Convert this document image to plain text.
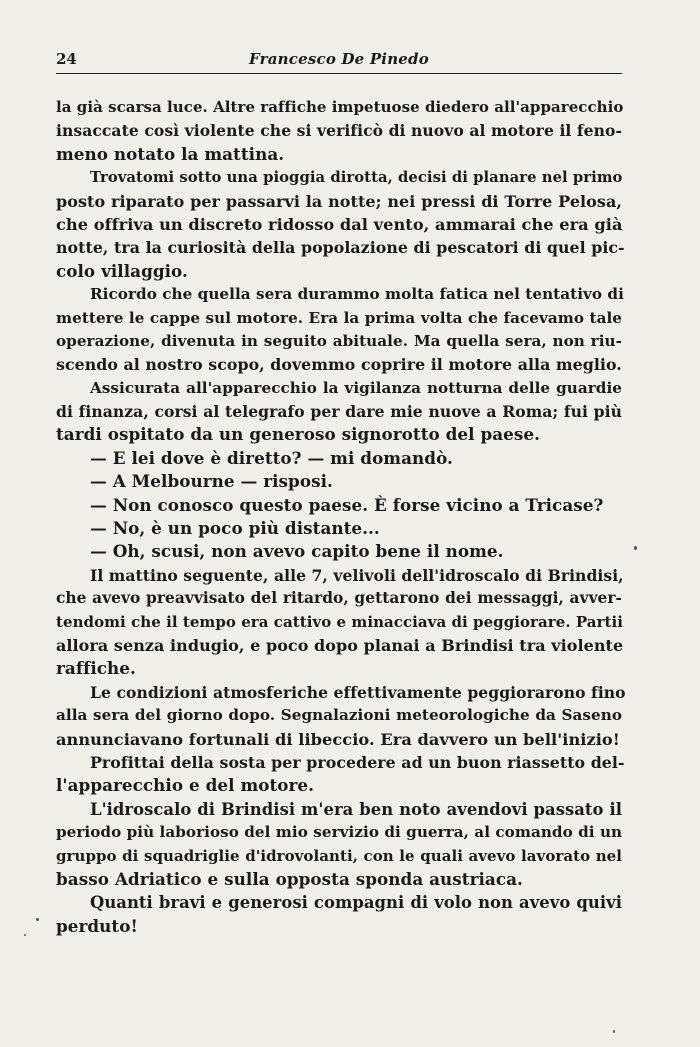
24	Francesco De Pinedo
la già scarsa luce. Altre raffiche impetuose diedero all'apparecchio
insaccate così violente che si verificò di nuovo al motore il feno-
meno notato la mattina.
Trovatomi sotto una pioggia dirotta, decisi di planare nel primo
posto riparato per passarvi la notte; nei pressi di Torre Pelosa,
che offriva un discreto ridosso dal vento, ammarai che era già
notte, tra la curiosità della popolazione di pescatori di quel pic-
colo villaggio.
Ricordo che quella sera durammo molta fatica nel tentativo di
mettere le cappe sul motore. Era la prima volta che facevamo tale
operazione, divenuta in seguito abituale. Ma quella sera, non riu-
scendo al nostro scopo, dovemmo coprire il motore alla meglio.
Assicurata all'apparecchio la vigilanza notturna delle guardie
di finanza, corsi al telegrafo per dare mie nuove a Roma; fui più
tardi ospitato da un generoso signorotto del paese.
— E lei dove è diretto? — mi domandò.
— A Melbourne — risposi.
— Non conosco questo paese. È forse vicino a Tricase?
— No, è un poco più distante...
— Oh, scusi, non avevo capito bene il nome.
Il mattino seguente, alle 7, velivoli dell'idroscalo di Brindisi,
che avevo preavvisato del ritardo, gettarono dei messaggi, avver-
tendomi che il tempo era cattivo e minacciava di peggiorare. Partii
allora senza indugio, e poco dopo planai a Brindisi tra violente
raffiche.
Le condizioni atmosferiche effettivamente peggiorarono fino
alla sera del giorno dopo. Segnalazioni meteorologiche da Saseno
annunciavano fortunali di libeccio. Era davvero un bell'inizio!
Profittai della sosta per procedere ad un buon riassetto del-
l'apparecchio e del motore.
L'idroscalo di Brindisi m'era ben noto avendovi passato il
periodo più laborioso del mio servizio di guerra, al comando di un
gruppo di squadriglie d'idrovolanti, con le quali avevo lavorato nel
basso Adriatico e sulla opposta sponda austriaca.
Quanti bravi e generosi compagni di volo non avevo quivi
perduto!
